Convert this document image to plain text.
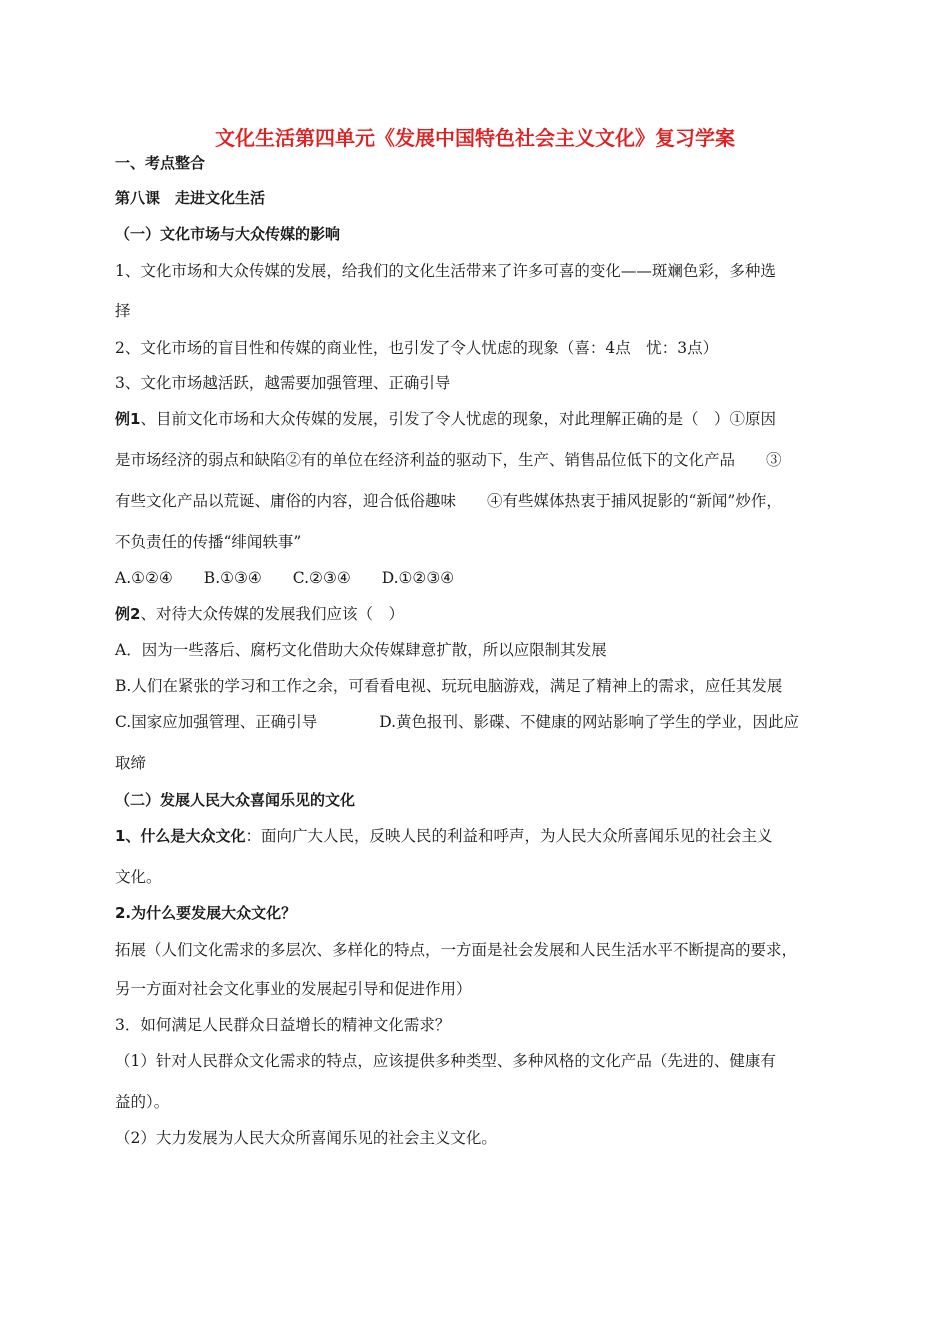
文化生活第四单元《发展中国特色社会主义文化》复习学案
一、考点整合
第八课　走进文化生活
（一）文化市场与大众传媒的影响
1、文化市场和大众传媒的发展，给我们的文化生活带来了许多可喜的变化——斑斓色彩，多种选
择
2、文化市场的盲目性和传媒的商业性，也引发了令人忧虑的现象（喜：4点　忧：3点）
3、文化市场越活跃，越需要加强管理、正确引导
例1、目前文化市场和大众传媒的发展，引发了令人忧虑的现象，对此理解正确的是（　）①原因
是市场经济的弱点和缺陷②有的单位在经济利益的驱动下，生产、销售品位低下的文化产品　　③
有些文化产品以荒诞、庸俗的内容，迎合低俗趣味　　④有些媒体热衷于捕风捉影的“新闻”炒作，
不负责任的传播“绯闻轶事”
A.①②④　　B.①③④　　C.②③④　　D.①②③④
例2、对待大众传媒的发展我们应该（　）
A．因为一些落后、腐朽文化借助大众传媒肆意扩散，所以应限制其发展
B.人们在紧张的学习和工作之余，可看看电视、玩玩电脑游戏，满足了精神上的需求，应任其发展
C.国家应加强管理、正确引导　　　　D.黄色报刊、影碟、不健康的网站影响了学生的学业，因此应
取缔
（二）发展人民大众喜闻乐见的文化
1、什么是大众文化：面向广大人民，反映人民的利益和呼声，为人民大众所喜闻乐见的社会主义
文化。
2.为什么要发展大众文化？
拓展（人们文化需求的多层次、多样化的特点，一方面是社会发展和人民生活水平不断提高的要求，
另一方面对社会文化事业的发展起引导和促进作用）
3．如何满足人民群众日益增长的精神文化需求？
（1）针对人民群众文化需求的特点，应该提供多种类型、多种风格的文化产品（先进的、健康有
益的）。
（2）大力发展为人民大众所喜闻乐见的社会主义文化。
